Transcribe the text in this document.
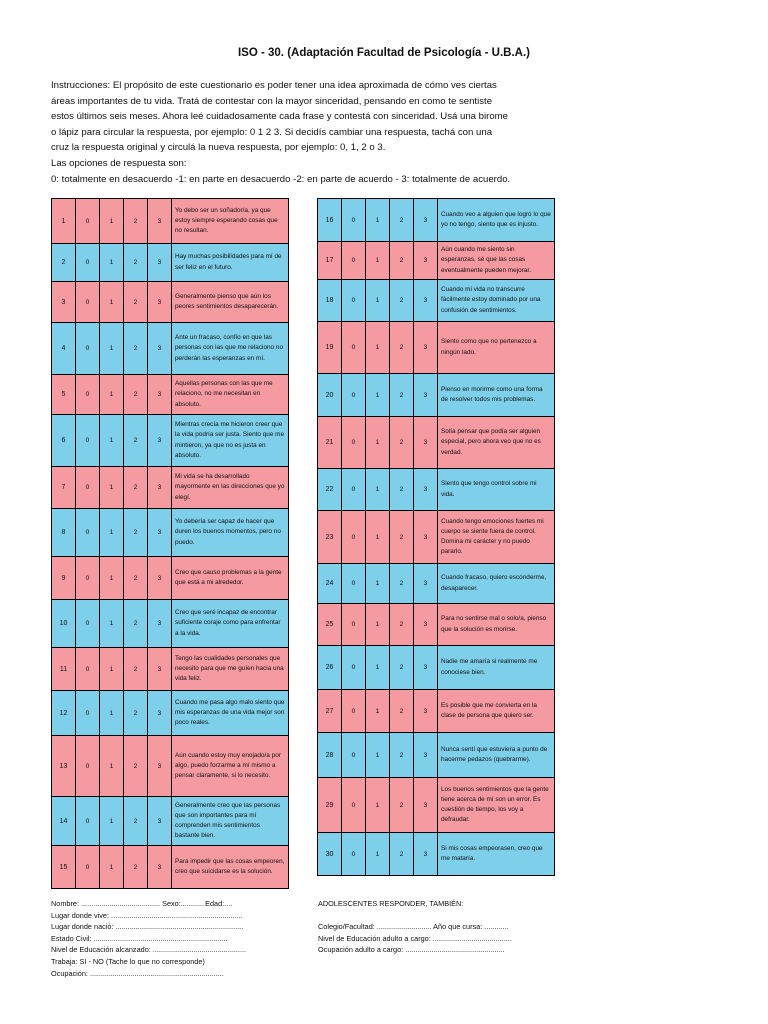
ISO - 30. (Adaptación Facultad de Psicología - U.B.A.)
Instrucciones: El propósito de este cuestionario es poder tener una idea aproximada de cómo ves ciertas
áreas importantes de tu vida. Tratá de contestar con la mayor sinceridad, pensando en como te sentiste
estos últimos seis meses. Ahora leé cuidadosamente cada frase y contestá con sinceridad. Usá una birome
o lápiz para circular la respuesta, por ejemplo: 0 1 2 3. Si decidís cambiar una respuesta, tachá con una
cruz la respuesta original y circulá la nueva respuesta, por ejemplo: 0, 1, 2 o 3.
Las opciones de respuesta son:
0: totalmente en desacuerdo -1: en parte en desacuerdo -2: en parte de acuerdo - 3: totalmente de acuerdo.
1	0	1	2	3	Yo debo ser un soñador/a, ya que estoy siempre esperando cosas que no resultan.
2	0	1	2	3	Hay muchas posibilidades para mí de ser feliz en el futuro.
3	0	1	2	3	Generalmente pienso que aún los peores sentimientos desaparecerán.
4	0	1	2	3	Ante un fracaso, confío en que las personas con las que me relaciono no perderán las esperanzas en mí.
5	0	1	2	3	Aquellas personas con las que me relaciono, no me necesitan en absoluto.
6	0	1	2	3	Mientras crecía me hicieron creer que la vida podría ser justa. Siento que me mintieron, ya que no es justa en absoluto.
7	0	1	2	3	Mi vida se ha desarrollado mayormente en las direcciones que yo elegí.
8	0	1	2	3	Yo debería ser capaz de hacer que duren los buenos momentos, pero no puedo.
9	0	1	2	3	Creo que causo problemas a la gente que está a mi alrededor.
10	0	1	2	3	Creo que seré incapaz de encontrar suficiente coraje como para enfrentar a la vida.
11	0	1	2	3	Tengo las cualidades personales que necesito para que me guíen hacia una vida feliz.
12	0	1	2	3	Cuando me pasa algo malo siento que mis esperanzas de una vida mejor son poco reales.
13	0	1	2	3	Aún cuando estoy muy enojado/a por algo, puedo forzarme a mí mismo a pensar claramente, si lo necesito.
14	0	1	2	3	Generalmente creo que las personas que son importantes para mí comprenden mis sentimientos bastante bien.
15	0	1	2	3	Para impedir que las cosas empeoren, creo que suicidarse es la solución.
16	0	1	2	3	Cuando veo a alguien que logró lo que yo no tengo, siento que es injusto.
17	0	1	2	3	Aún cuando me siento sin esperanzas, sé que las cosas eventualmente pueden mejorar.
18	0	1	2	3	Cuando mi vida no transcurre fácilmente estoy dominado por una confusión de sentimientos.
19	0	1	2	3	Siento como que no pertenezco a ningún lado.
20	0	1	2	3	Pienso en morirme como una forma de resolver todos mis problemas.
21	0	1	2	3	Solía pensar que podía ser alguien especial, pero ahora veo que no es verdad.
22	0	1	2	3	Siento que tengo control sobre mi vida.
23	0	1	2	3	Cuando tengo emociones fuertes mi cuerpo se siente fuera de control. Domina mi carácter y no puedo pararlo.
24	0	1	2	3	Cuando fracaso, quiero esconderme, desaparecer.
25	0	1	2	3	Para no sentirse mal o solo/a, pienso que la solución es morirse.
26	0	1	2	3	Nadie me amaría si realmente me conociese bien.
27	0	1	2	3	Es posible que me convierta en la clase de persona que quiero ser.
28	0	1	2	3	Nunca sentí que estuviera a punto de hacerme pedazos (quebrarme).
29	0	1	2	3	Los buenos sentimientos que la gente tiene acerca de mí son un error. Es cuestión de tiempo, los voy a defraudar.
30	0	1	2	3	Si mis cosas empeorasen, creo que me mataría.
Nombre: ....................................... Sexo:............Edad:....
Lugar donde vive: .................................................................
Lugar donde nació: ...............................................................
Estado Civil: ..................................................................
Nivel de Educación alcanzado: ..............................................
Trabaja: SI - NO (Tache lo que no corresponde)
Ocupación: ..................................................................
ADOLESCENTES RESPONDER, TAMBIÉN:
Colegio/Facultad: ........................... Año que cursa: ............
Nivel de Educación adulto a cargo: .......................................
Ocupación adulto a cargo: .................................................
